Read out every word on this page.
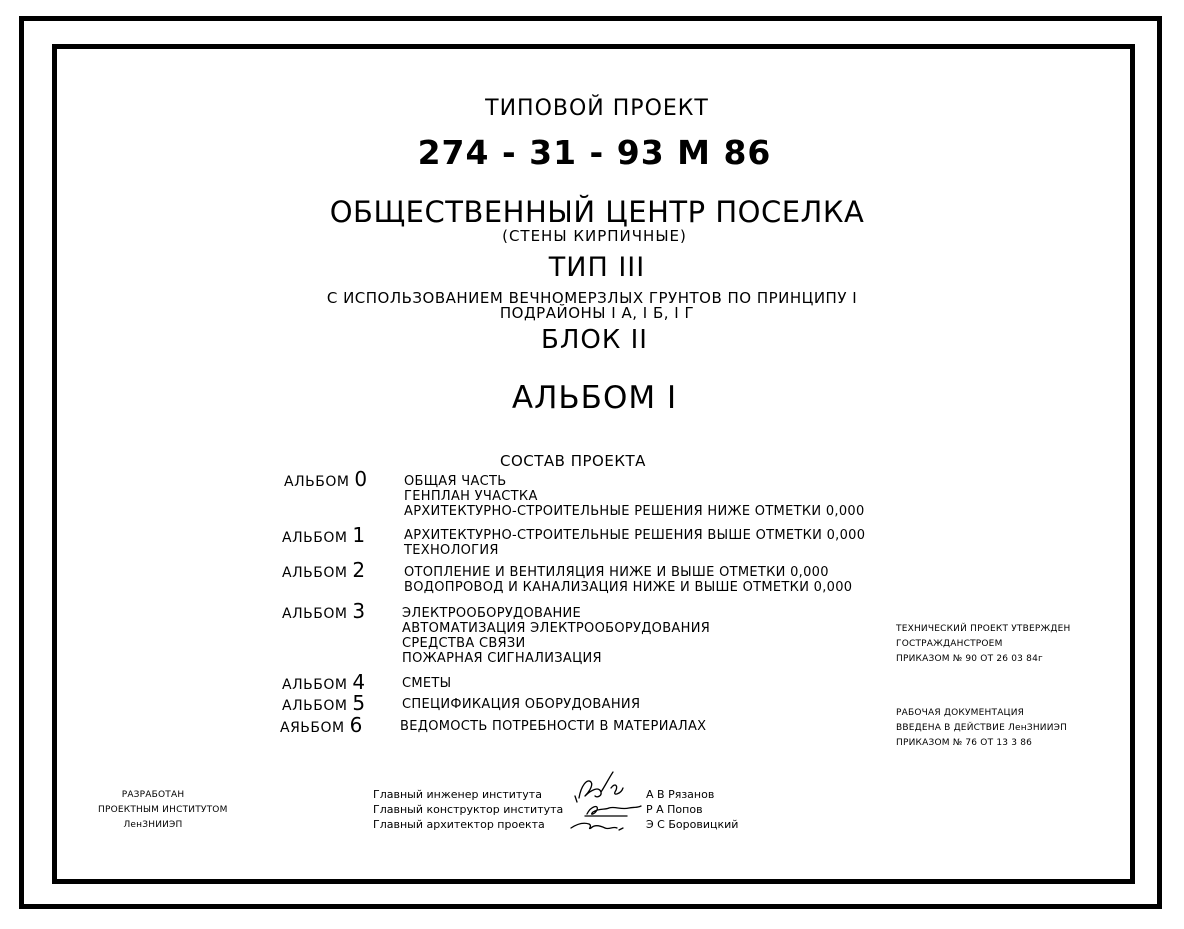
ТИПОВОЙ ПРОЕКТ
274 - 31 - 93 М 86
ОБЩЕСТВЕННЫЙ ЦЕНТР ПОСЕЛКА
(СТЕНЫ КИРПИЧНЫЕ)
ТИП III
С ИСПОЛЬЗОВАНИЕМ ВЕЧНОМЕРЗЛЫХ ГРУНТОВ ПО ПРИНЦИПУ I
ПОДРАЙОНЫ I А, I Б, I Г
БЛОК II
АЛЬБОМ I
СОСТАВ ПРОЕКТА
АЛЬБОМ 0	ОБЩАЯ ЧАСТЬ
ГЕНПЛАН УЧАСТКА
АРХИТЕКТУРНО-СТРОИТЕЛЬНЫЕ РЕШЕНИЯ НИЖЕ ОТМЕТКИ 0,000
АЛЬБОМ 1	АРХИТЕКТУРНО-СТРОИТЕЛЬНЫЕ РЕШЕНИЯ ВЫШЕ ОТМЕТКИ 0,000
ТЕХНОЛОГИЯ
АЛЬБОМ 2	ОТОПЛЕНИЕ И ВЕНТИЛЯЦИЯ НИЖЕ И ВЫШЕ ОТМЕТКИ 0,000
ВОДОПРОВОД И КАНАЛИЗАЦИЯ НИЖЕ И ВЫШЕ ОТМЕТКИ 0,000
АЛЬБОМ 3	ЭЛЕКТРООБОРУДОВАНИЕ
АВТОМАТИЗАЦИЯ ЭЛЕКТРООБОРУДОВАНИЯ
СРЕДСТВА СВЯЗИ
ПОЖАРНАЯ СИГНАЛИЗАЦИЯ
АЛЬБОМ 4	СМЕТЫ
АЛЬБОМ 5	СПЕЦИФИКАЦИЯ ОБОРУДОВАНИЯ
АЯЬБОМ 6	ВЕДОМОСТЬ ПОТРЕБНОСТИ В МАТЕРИАЛАХ
ТЕХНИЧЕСКИЙ ПРОЕКТ УТВЕРЖДЕН
ГОСТРАЖДАНСТРОЕМ
ПРИКАЗОМ № 90 ОТ 26 03 84г
РАБОЧАЯ ДОКУМЕНТАЦИЯ
ВВЕДЕНА В ДЕЙСТВИЕ ЛенЗНИИЭП
ПРИКАЗОМ № 76 ОТ 13 3 86
РАЗРАБОТАН
ПРОЕКТНЫМ ИНСТИТУТОМ
ЛенЗНИИЭП
Главный инженер института
Главный конструктор института
Главный архитектор проекта
А В Рязанов
Р А Попов
Э С Боровицкий
